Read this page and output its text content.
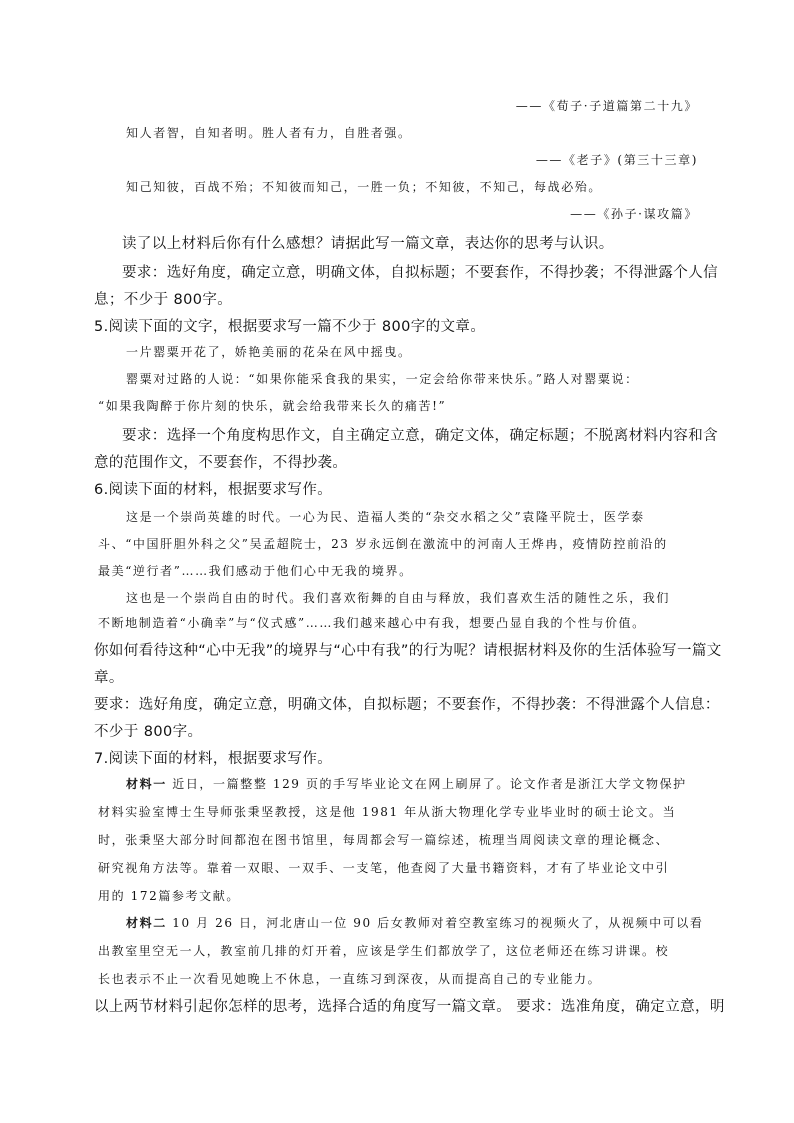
——《荀子·子道篇第二十九》
知人者智，自知者明。胜人者有力，自胜者强。
——《老子》(第三十三章)
知己知彼，百战不殆；不知彼而知己，一胜一负；不知彼，不知己，每战必殆。
——《孙子·谋攻篇》
读了以上材料后你有什么感想？请据此写一篇文章，表达你的思考与认识。
要求：选好角度，确定立意，明确文体，自拟标题；不要套作，不得抄袭；不得泄露个人信
息；不少于 800字。
5.阅读下面的文字，根据要求写一篇不少于 800字的文章。
一片罂粟开花了，娇艳美丽的花朵在风中摇曳。
罂粟对过路的人说：“如果你能采食我的果实，一定会给你带来快乐。”路人对罂粟说：
“如果我陶醉于你片刻的快乐，就会给我带来长久的痛苦!”
要求：选择一个角度构思作文，自主确定立意，确定文体，确定标题；不脱离材料内容和含
意的范围作文，不要套作，不得抄袭。
6.阅读下面的材料，根据要求写作。
这是一个崇尚英雄的时代。一心为民、造福人类的“杂交水稻之父”袁隆平院士，医学泰
斗、“中国肝胆外科之父”吴孟超院士，23 岁永远倒在激流中的河南人王烨冉，疫情防控前沿的
最美“逆行者”……我们感动于他们心中无我的境界。
这也是一个崇尚自由的时代。我们喜欢衔舞的自由与释放，我们喜欢生活的随性之乐，我们
不断地制造着“小确幸”与“仪式感”……我们越来越心中有我，想要凸显自我的个性与价值。
你如何看待这种“心中无我”的境界与“心中有我”的行为呢？请根据材料及你的生活体验写一篇文
章。
要求：选好角度，确定立意，明确文体，自拟标题；不要套作，不得抄袭：不得泄露个人信息：
不少于 800字。
7.阅读下面的材料，根据要求写作。
材料一 近日，一篇整整 129 页的手写毕业论文在网上刷屏了。论文作者是浙江大学文物保护
材料实验室博士生导师张秉坚教授，这是他 1981 年从浙大物理化学专业毕业时的硕士论文。当
时，张秉坚大部分时间都泡在图书馆里，每周都会写一篇综述，梳理当周阅读文章的理论概念、
研究视角方法等。靠着一双眼、一双手、一支笔，他查阅了大量书籍资料，才有了毕业论文中引
用的 172篇参考文献。
材料二 10 月 26 日，河北唐山一位 90 后女教师对着空教室练习的视频火了，从视频中可以看
出教室里空无一人，教室前几排的灯开着，应该是学生们都放学了，这位老师还在练习讲课。校
长也表示不止一次看见她晚上不休息，一直练习到深夜，从而提高自己的专业能力。
以上两节材料引起你怎样的思考，选择合适的角度写一篇文章。 要求：选准角度，确定立意，明
